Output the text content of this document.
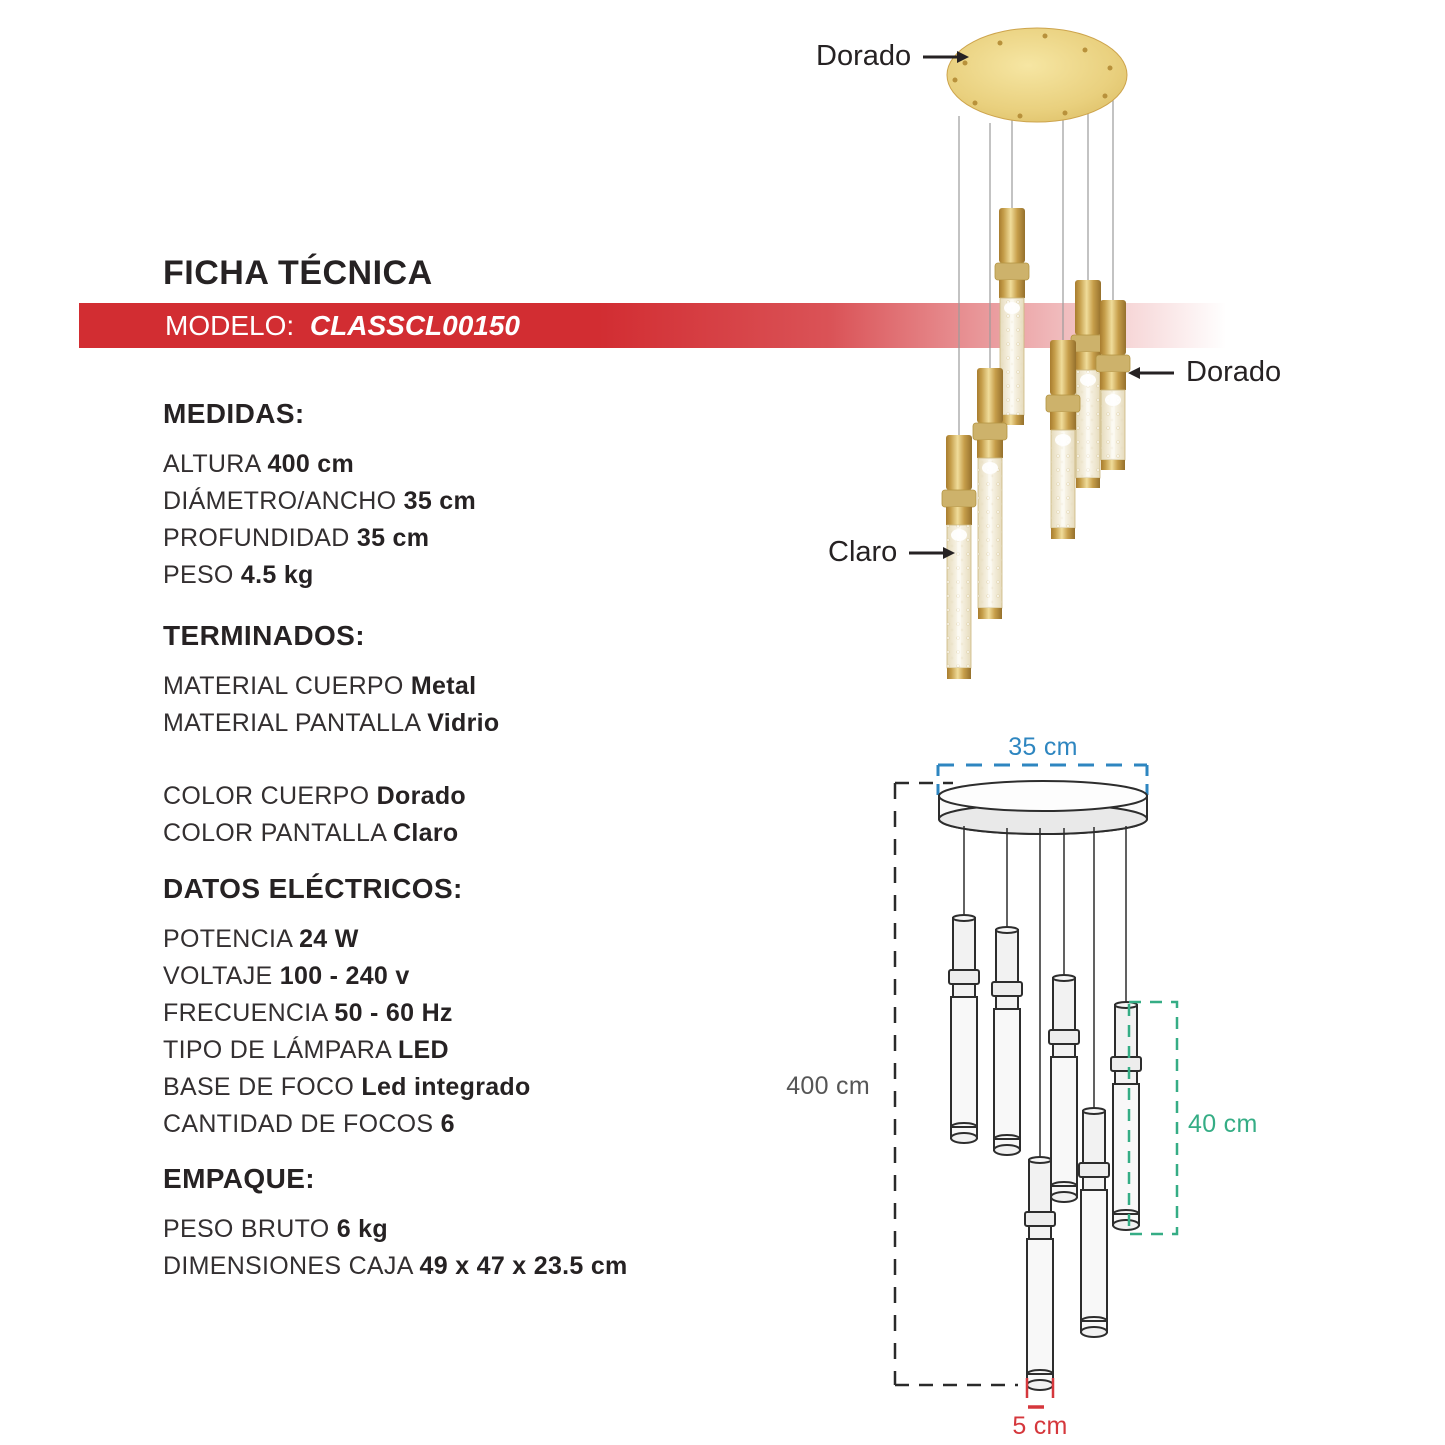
FICHA TÉCNICA
MODELO: CLASSCL00150
MEDIDAS:
ALTURA 400 cm
DIÁMETRO/ANCHO 35 cm
PROFUNDIDAD 35 cm
PESO 4.5 kg
TERMINADOS:
MATERIAL CUERPO Metal
MATERIAL PANTALLA Vidrio
COLOR CUERPO Dorado
COLOR PANTALLA Claro
DATOS ELÉCTRICOS:
POTENCIA 24 W
VOLTAJE 100 - 240 v
FRECUENCIA 50 - 60 Hz
TIPO DE LÁMPARA LED
BASE DE FOCO Led integrado
CANTIDAD DE FOCOS 6
EMPAQUE:
PESO BRUTO 6 kg
DIMENSIONES CAJA 49 x 47 x 23.5 cm
Dorado
Dorado
Claro
35 cm
400 cm
40 cm
5 cm
